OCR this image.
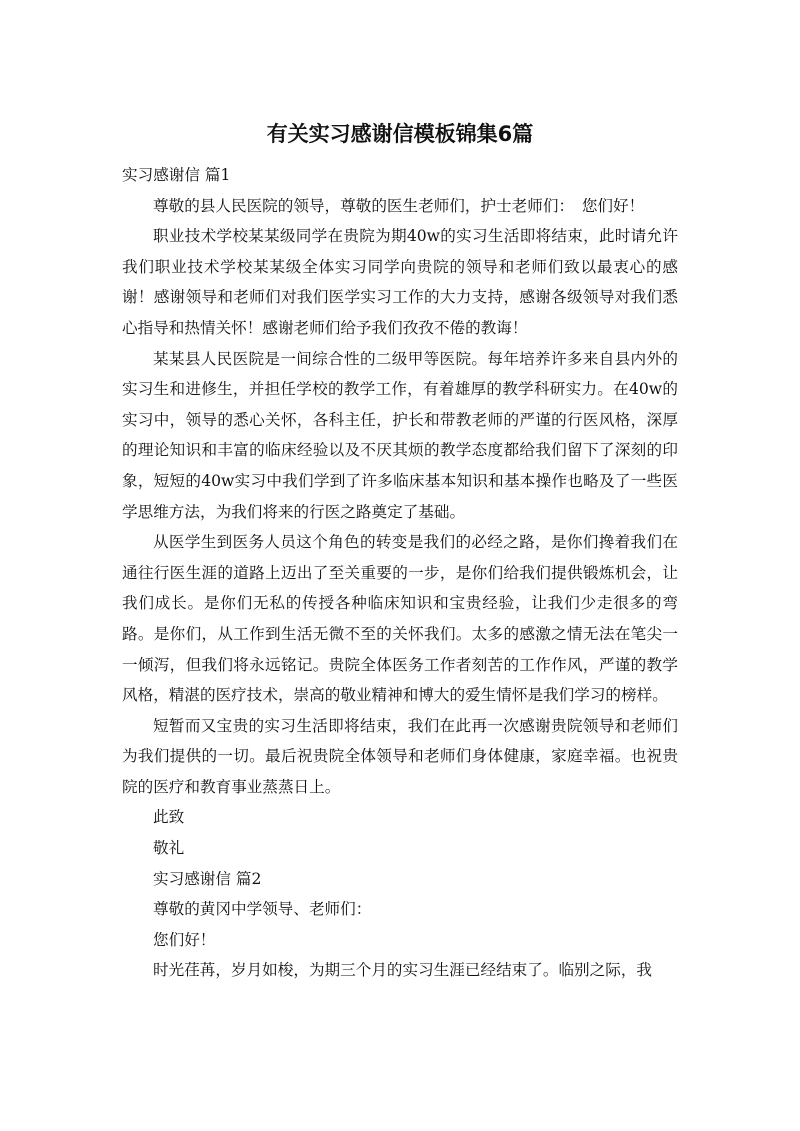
有关实习感谢信模板锦集6篇

实习感谢信 篇1

尊敬的县人民医院的领导，尊敬的医生老师们，护士老师们：　您们好！

职业技术学校某某级同学在贵院为期40w的实习生活即将结束，此时请允许我们职业技术学校某某级全体实习同学向贵院的领导和老师们致以最衷心的感谢！感谢领导和老师们对我们医学实习工作的大力支持，感谢各级领导对我们悉心指导和热情关怀！感谢老师们给予我们孜孜不倦的教诲！

某某县人民医院是一间综合性的二级甲等医院。每年培养许多来自县内外的实习生和进修生，并担任学校的教学工作，有着雄厚的教学科研实力。在40w的实习中，领导的悉心关怀，各科主任，护长和带教老师的严谨的行医风格，深厚的理论知识和丰富的临床经验以及不厌其烦的教学态度都给我们留下了深刻的印象，短短的40w实习中我们学到了许多临床基本知识和基本操作也略及了一些医学思维方法，为我们将来的行医之路奠定了基础。

从医学生到医务人员这个角色的转变是我们的必经之路，是你们搀着我们在通往行医生涯的道路上迈出了至关重要的一步，是你们给我们提供锻炼机会，让我们成长。是你们无私的传授各种临床知识和宝贵经验，让我们少走很多的弯路。是你们，从工作到生活无微不至的关怀我们。太多的感激之情无法在笔尖一一倾泻，但我们将永远铭记。贵院全体医务工作者刻苦的工作作风，严谨的教学风格，精湛的医疗技术，崇高的敬业精神和博大的爱生情怀是我们学习的榜样。

短暂而又宝贵的实习生活即将结束，我们在此再一次感谢贵院领导和老师们为我们提供的一切。最后祝贵院全体领导和老师们身体健康，家庭幸福。也祝贵院的医疗和教育事业蒸蒸日上。

此致

敬礼

实习感谢信 篇2

尊敬的黄冈中学领导、老师们：

您们好！

时光荏苒，岁月如梭，为期三个月的实习生涯已经结束了。临别之际，我
